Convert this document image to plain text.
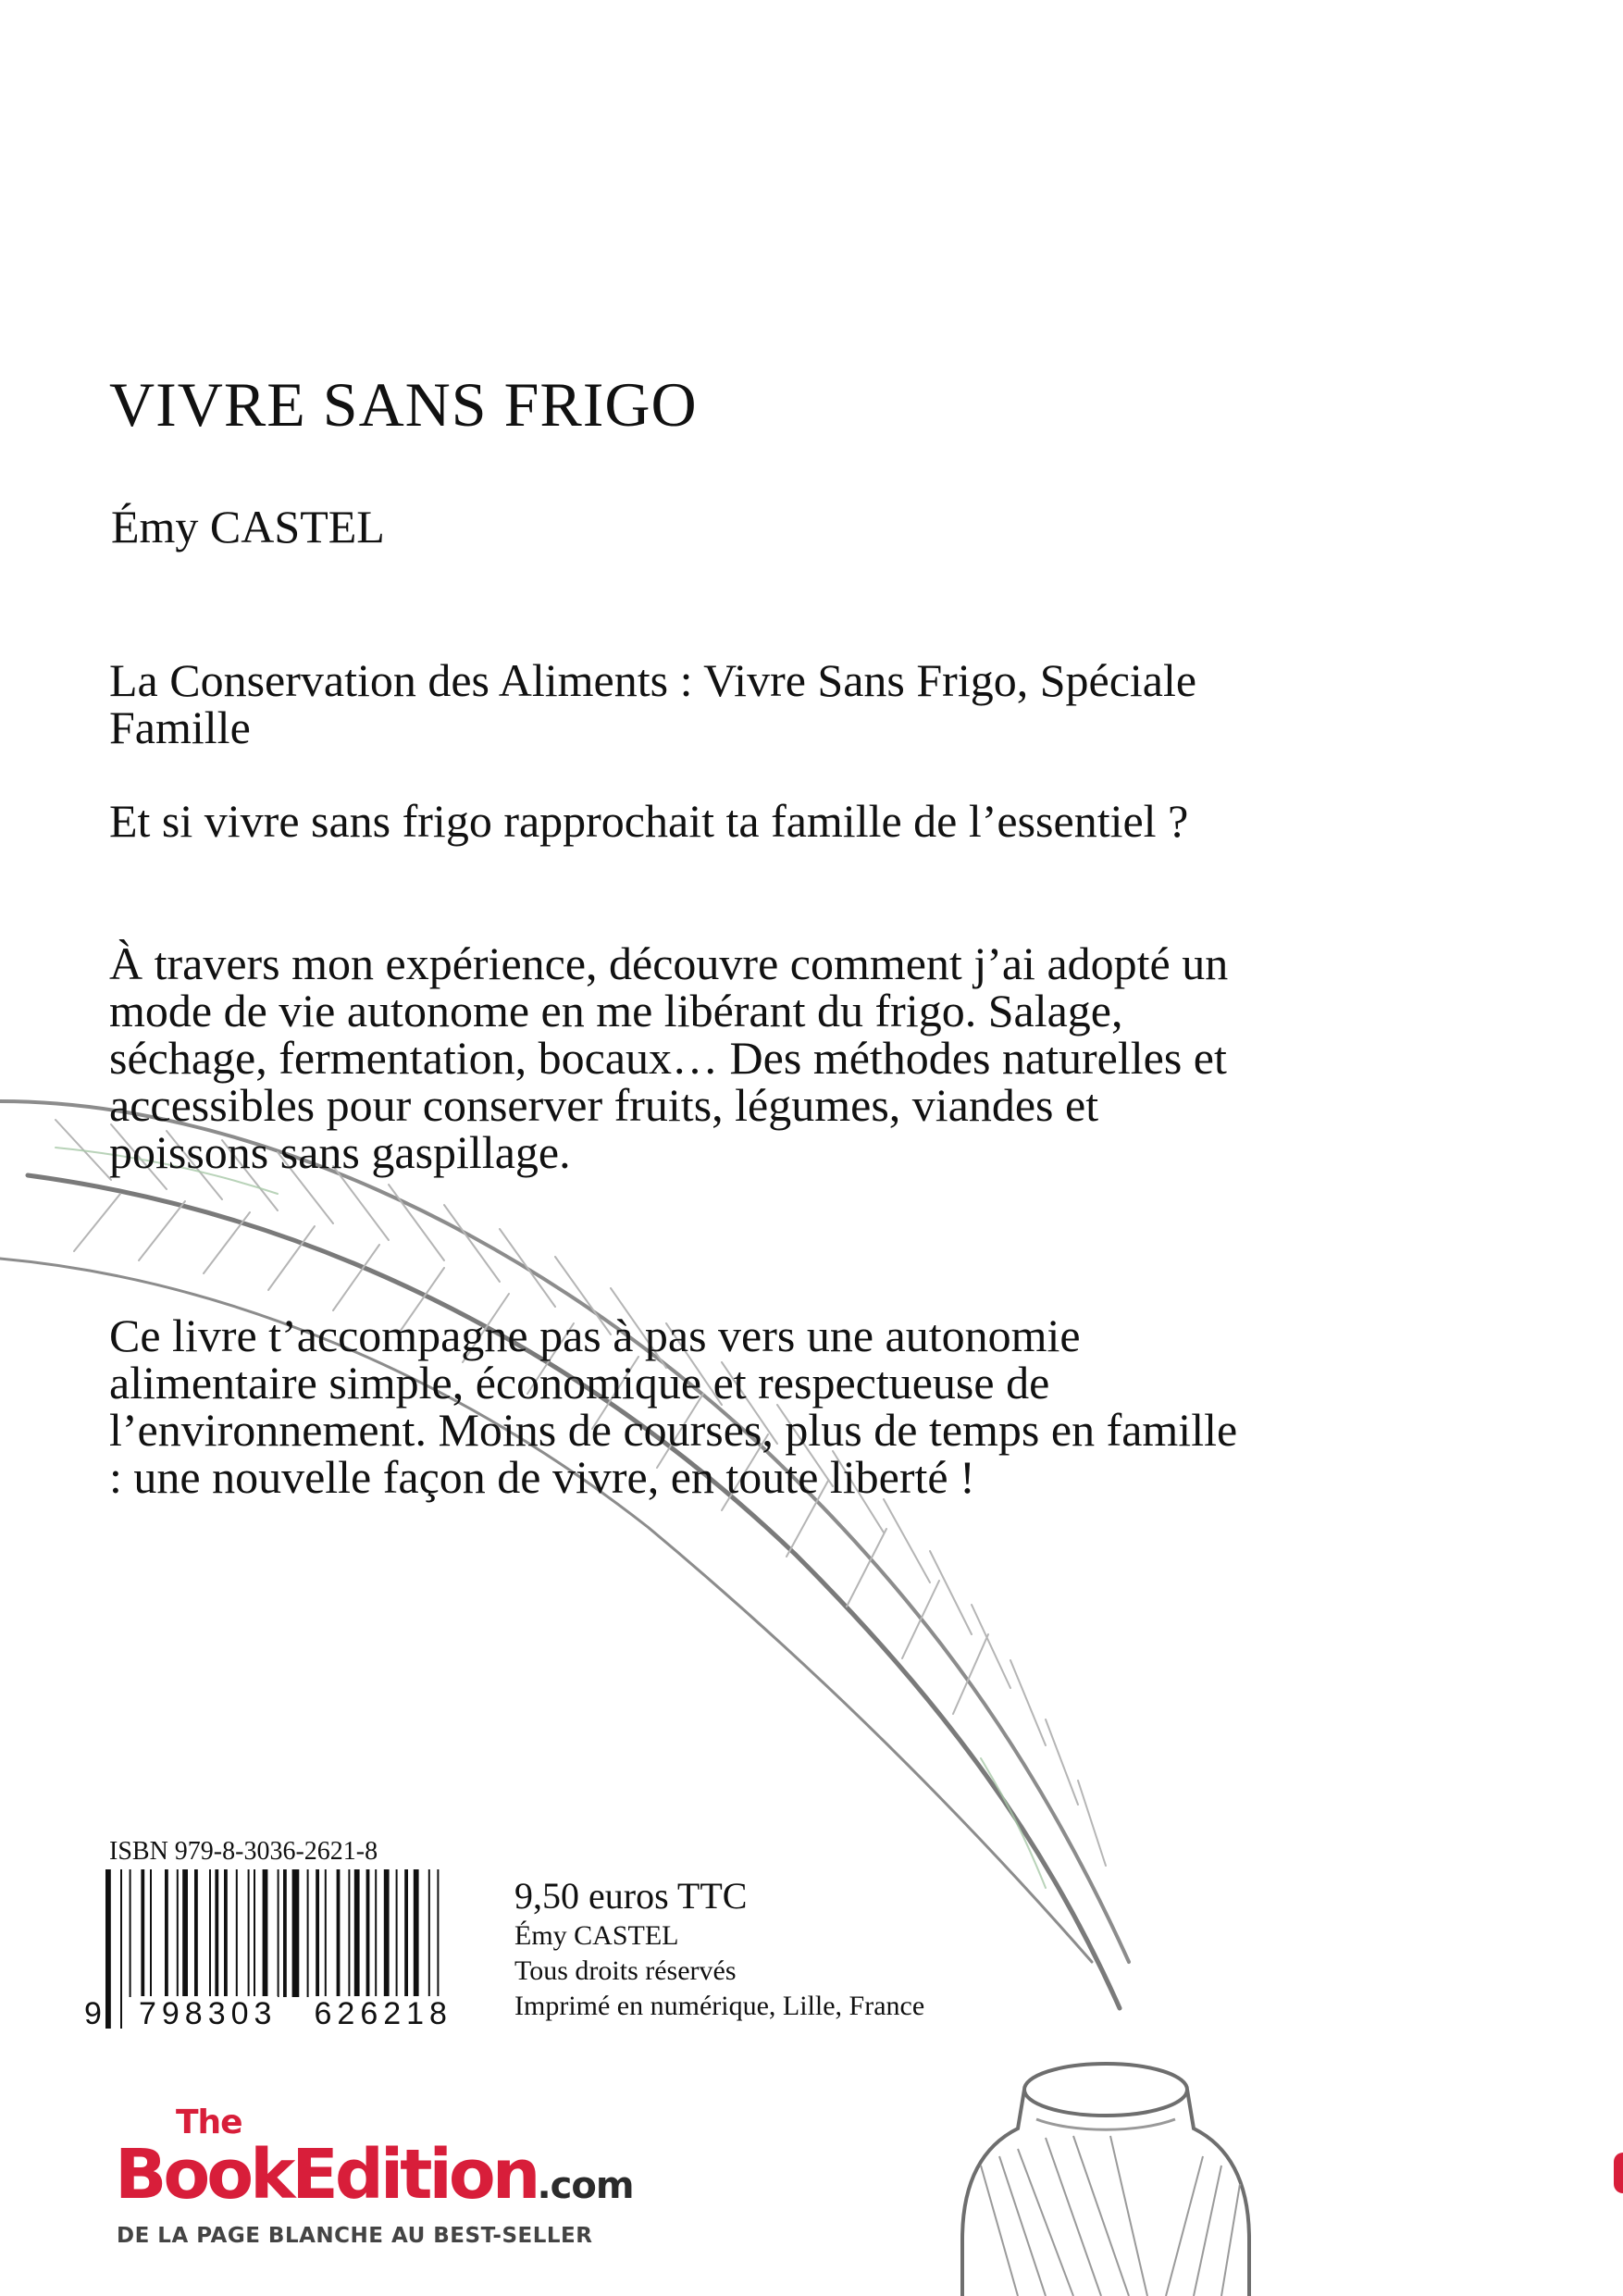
VIVRE SANS FRIGO

Émy CASTEL

La Conservation des Aliments : Vivre Sans Frigo, Spéciale Famille

Et si vivre sans frigo rapprochait ta famille de l’essentiel ?

À travers mon expérience, découvre comment j’ai adopté un mode de vie autonome en me libérant du frigo. Salage, séchage, fermentation, bocaux… Des méthodes naturelles et accessibles pour conserver fruits, légumes, viandes et poissons sans gaspillage.

Ce livre t’accompagne pas à pas vers une autonomie alimentaire simple, économique et respectueuse de l’environnement. Moins de courses, plus de temps en famille : une nouvelle façon de vivre, en toute liberté !

ISBN 979-8-3036-2621-8

9 798303 626218

9,50 euros TTC

Émy CASTEL

Tous droits réservés

Imprimé en numérique, Lille, France

The
BookEdition.com
DE LA PAGE BLANCHE AU BEST-SELLER
